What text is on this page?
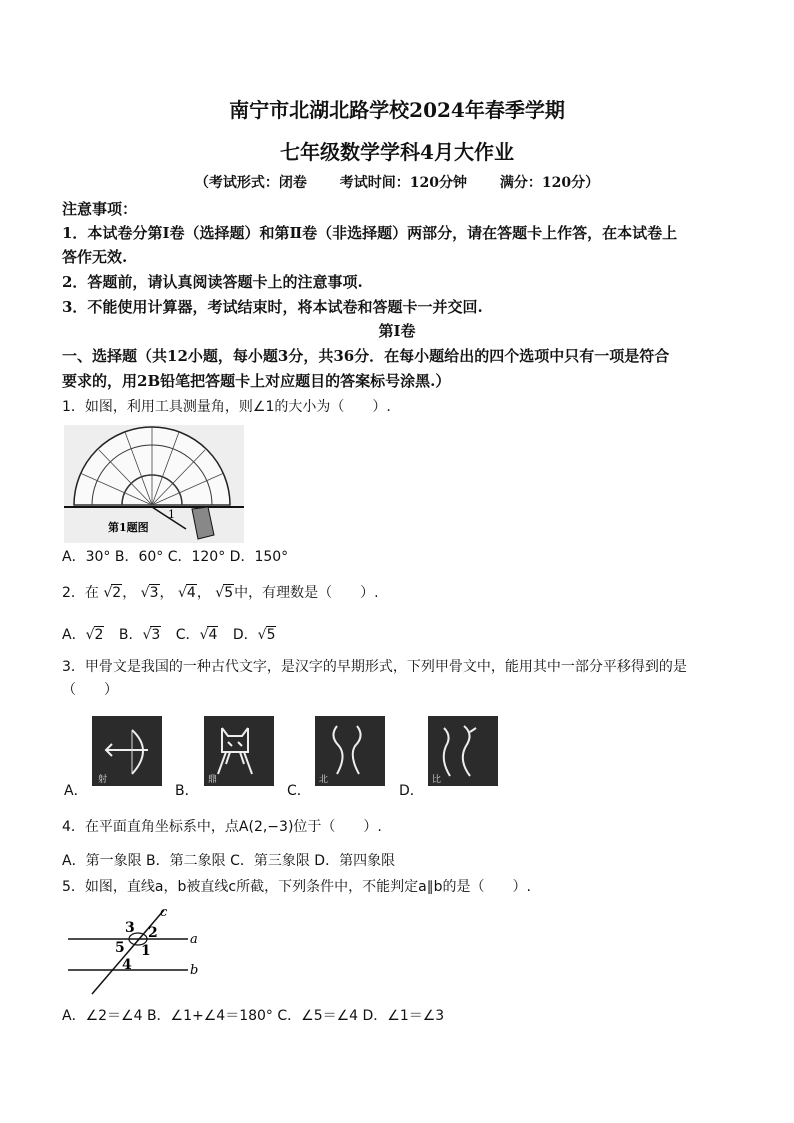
南宁市北湖北路学校2024年春季学期
七年级数学学科4月大作业
（考试形式：闭卷 考试时间：120分钟 满分：120分）
注意事项：
1．本试卷分第Ⅰ卷（选择题）和第Ⅱ卷（非选择题）两部分，请在答题卡上作答，在本试卷上
答作无效.
2．答题前，请认真阅读答题卡上的注意事项.
3．不能使用计算器，考试结束时，将本试卷和答题卡一并交回.
第Ⅰ卷
一、选择题（共12小题，每小题3分，共36分．在每小题给出的四个选项中只有一项是符合
要求的，用2B铅笔把答题卡上对应题目的答案标号涂黑.）
1．如图，利用工具测量角，则∠1的大小为（　　）.
1
第1题图
A．30° B．60° C．120° D．150°
2．在 √2， √3， √4， √5中，有理数是（　　）.
A．√2 B．√3 C．√4 D．√5
3．甲骨文是我国的一种古代文字，是汉字的早期形式，下列甲骨文中，能用其中一部分平移得到的是
（　　）
射	鼎	北	比
A．	B．	C．	D．
4．在平面直角坐标系中，点A(2,−3)位于（　　）.
A．第一象限 B．第二象限 C．第三象限 D．第四象限
5．如图，直线a，b被直线c所截，下列条件中，不能判定a∥b的是（　　）.
c
a
b
2
1
3
5
4
A．∠2＝∠4 B．∠1+∠4＝180° C．∠5＝∠4 D．∠1＝∠3
